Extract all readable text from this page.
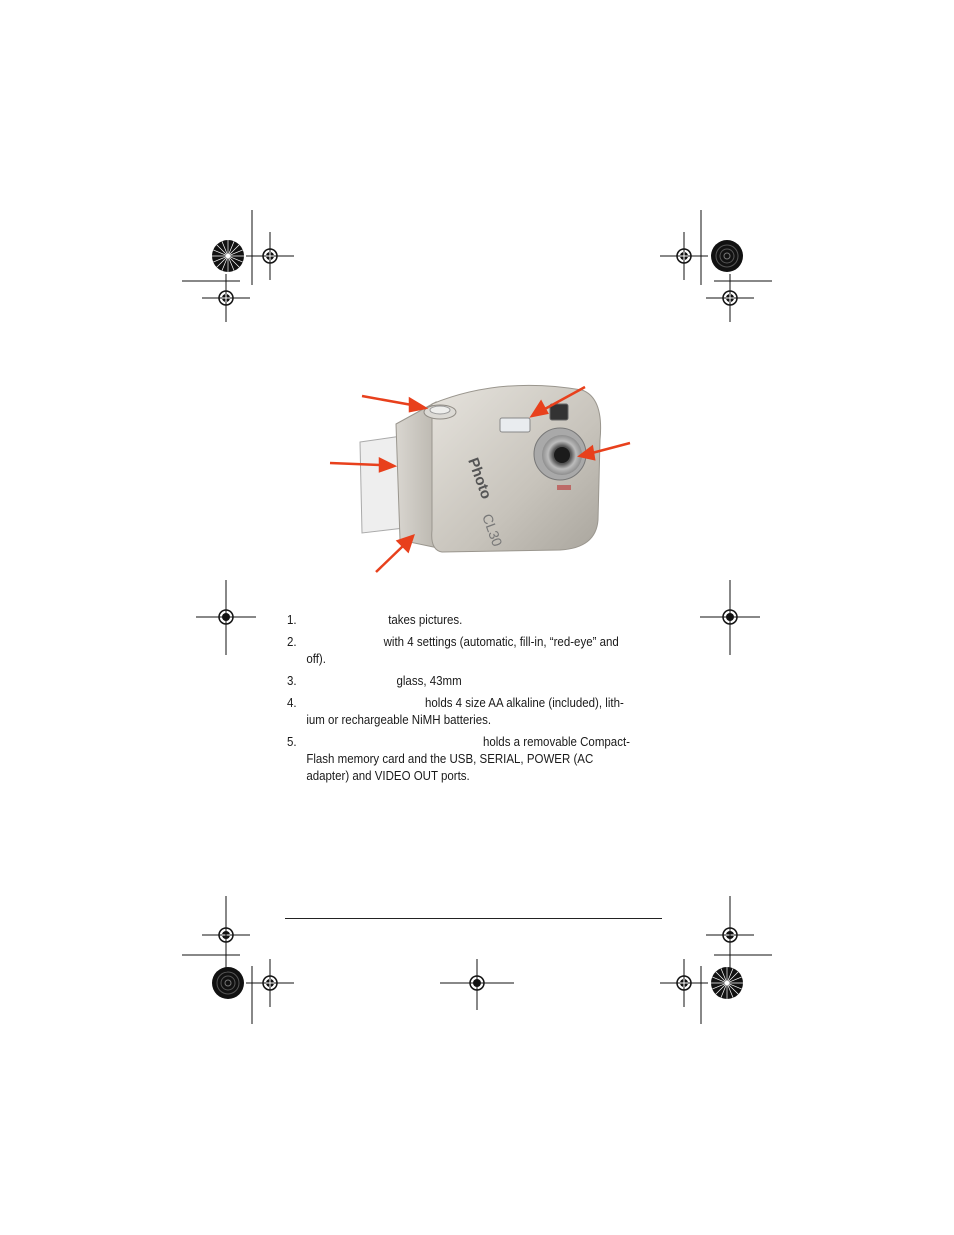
Photo
CL30
1.	takes pictures.
2.	with 4 settings (automatic, fill-in, “red-eye” and off).
3.	glass, 43mm
4.	holds 4 size AA alkaline (included), lith-ium or rechargeable NiMH batteries.
5.	holds a removable Compact-Flash memory card and the USB, SERIAL, POWER (AC adapter) and VIDEO OUT ports.
